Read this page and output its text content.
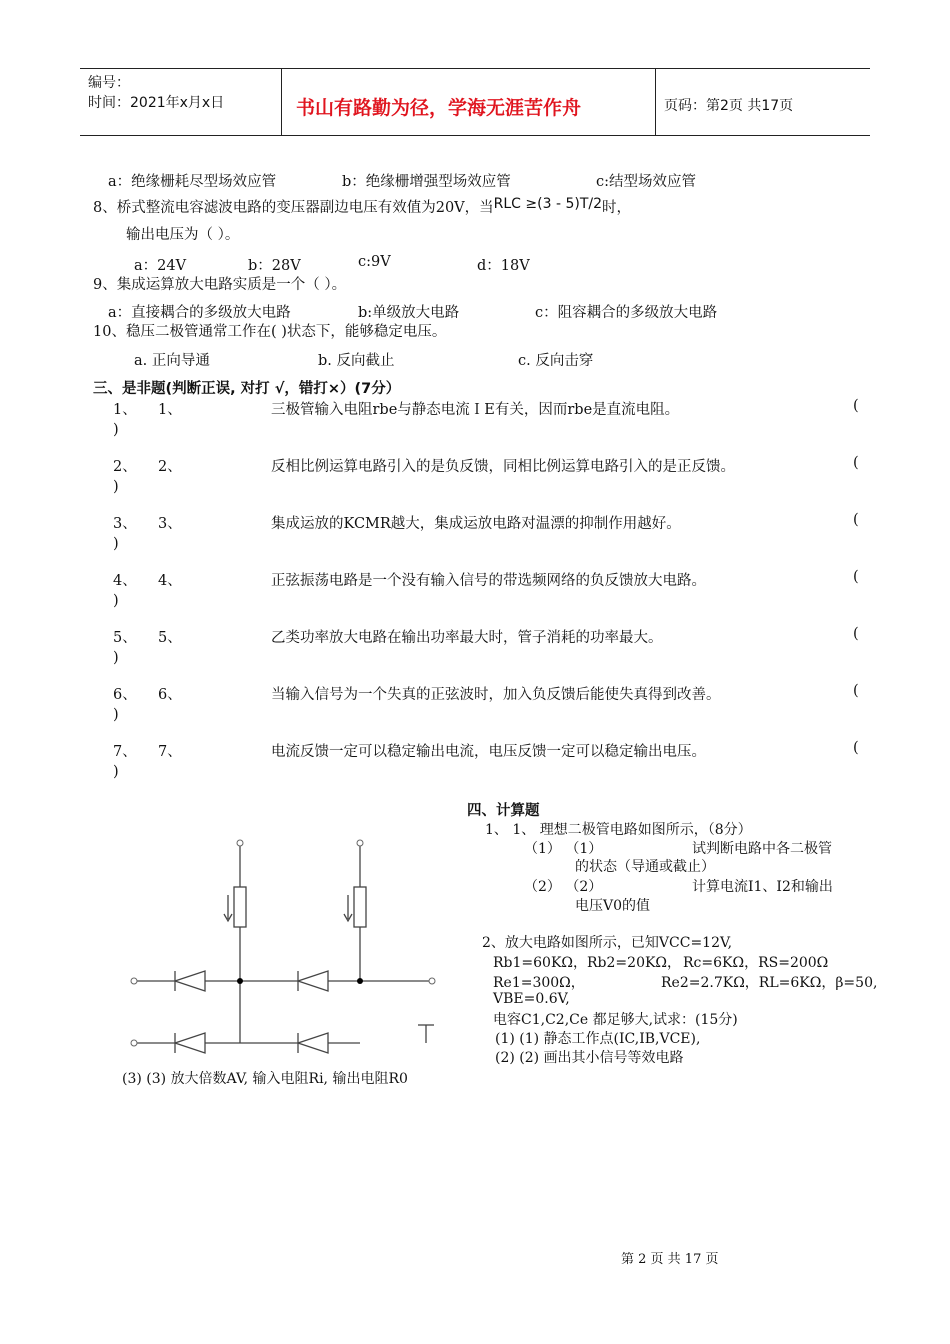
编号：
时间：2021年x月x日	书山有路勤为径，学海无涯苦作舟	页码：第2页 共17页
a：绝缘栅耗尽型场效应管	b：绝缘栅增强型场效应管	c:结型场效应管
8、桥式整流电容滤波电路的变压器副边电压有效值为20V，当RLC ≥(3 - 5)T/2时，
输出电压为（ ）。
a：24V	b：28V	c:9V	d：18V
9、集成运算放大电路实质是一个（ ）。
a：直接耦合的多级放大电路	b:单级放大电路	c：阻容耦合的多级放大电路
10、稳压二极管通常工作在( )状态下，能够稳定电压。
a. 正向导通	b. 反向截止	c. 反向击穿
三、是非题(判断正误, 对打 √，错打×）(7分）
1、 1、	三极管输入电阻rbe与静态电流ＩE有关，因而rbe是直流电阻。	(
)
2、 2、	反相比例运算电路引入的是负反馈，同相比例运算电路引入的是正反馈。	(
)
3、 3、	集成运放的KCMR越大，集成运放电路对温漂的抑制作用越好。	(
)
4、 4、	正弦振荡电路是一个没有输入信号的带选频网络的负反馈放大电路。	(
)
5、 5、	乙类功率放大电路在输出功率最大时，管子消耗的功率最大。	(
)
6、 6、	当输入信号为一个失真的正弦波时，加入负反馈后能使失真得到改善。	(
)
7、 7、	电流反馈一定可以稳定输出电流，电压反馈一定可以稳定输出电压。	(
)
四、计算题
1、 1、 理想二极管电路如图所示，（8分）
（1） （1）	试判断电路中各二极管
的状态（导通或截止）
（2） （2）	计算电流I1、I2和输出
电压V0的值
2、放大电路如图所示，已知VCC=12V,
Rb1=60KΩ，Rb2=20KΩ， Rc=6KΩ，RS=200Ω
Re1=300Ω，	Re2=2.7KΩ，RL=6KΩ，β=50,
VBE=0.6V,
电容C1,C2,Ce 都足够大,试求：(15分)
(1) (1) 静态工作点(IC,IB,VCE),
(2) (2) 画出其小信号等效电路
(3) (3) 放大倍数AV, 输入电阻Ri, 输出电阻R0
第 2 页 共 17 页
